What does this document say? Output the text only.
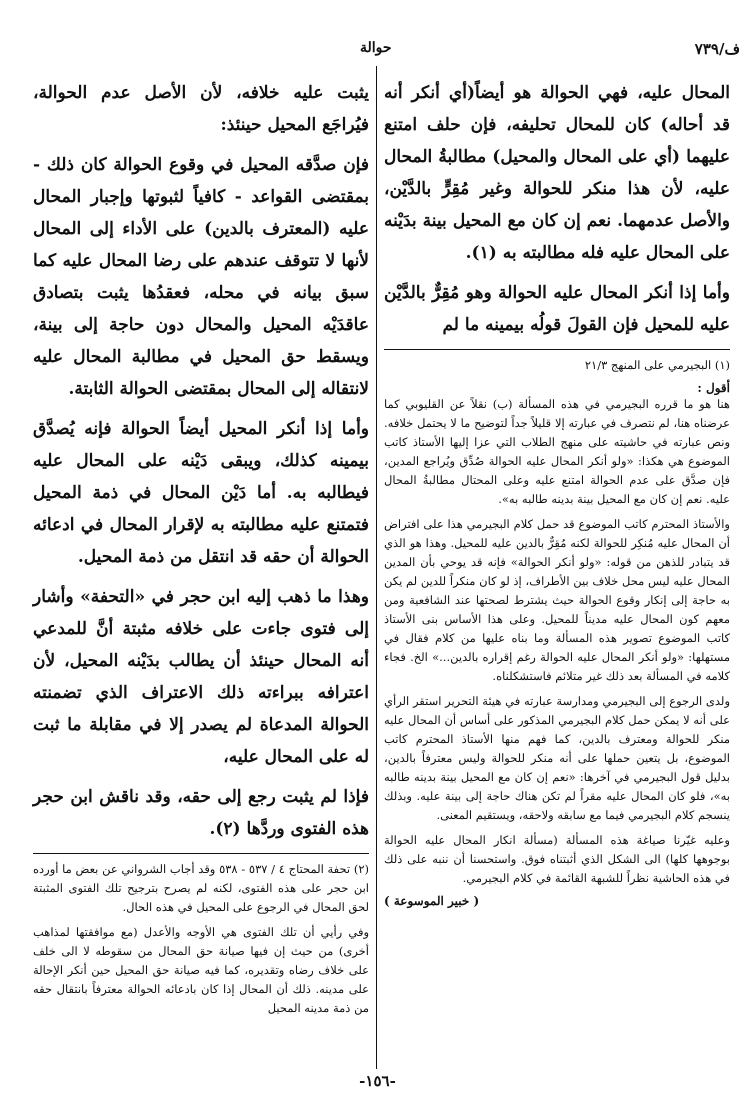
ف/٧٣٩
حوالة

المحال عليه، فهي الحوالة هو أيضاً(أي أنكر أنه قد أحاله) كان للمحال تحليفه، فإن حلف امتنع عليهما (أي على المحال والمحيل) مطالبةُ المحال عليه، لأن هذا منكر للحوالة وغير مُقِرٍّ بالدَّيْن، والأصل عدمهما. نعم إن كان مع المحيل بينة بدَيْنه على المحال عليه فله مطالبته به (١).

وأما إذا أنكر المحال عليه الحوالة وهو مُقِرٌّ بالدَّيْن عليه للمحيل فإن القولَ قولُه بيمينه ما لم

(١) البجيرمي على المنهج ٢١/٣

أقول :

هنا هو ما قرره البجيرمي في هذه المسألة (ب) نقلاً عن القليوبي كما عرضناه هنا، لم نتصرف في عبارته إلا قليلاً جداً لتوضيح ما لا يحتمل خلافه. ونص عبارته في حاشيته على منهج الطلاب التي عزا إليها الأستاذ كاتب الموضوع هي هكذا: «ولو أنكر المحال عليه الحوالة صُدِّق ويُراجع المدين، فإن صدَّق على عدم الحوالة امتنع عليه وعلى المحتال مطالبةُ المحال عليه. نعم إن كان مع المحيل بينة بدينه طالبه به».

والأستاذ المحترم كاتب الموضوع قد حمل كلام البجيرمي هذا على افتراض أن المحال عليه مُنكِر للحوالة لكنه مُقِرٌّ بالدين عليه للمحيل. وهذا هو الذي قد يتبادر للذهن من قوله: «ولو أنكر الحوالة» فإنه قد يوحي بأن المدين المحال عليه ليس محل خلاف بين الأطراف، إذ لو كان منكراً للدين لم يكن به حاجة إلى إنكار وقوع الحوالة حيث يشترط لصحتها عند الشافعية ومن معهم كون المحال عليه مديناً للمحيل. وعلى هذا الأساس بنى الأستاذ كاتب الموضوع تصوير هذه المسألة وما بناه عليها من كلام فقال في مستهلها: «ولو أنكر المحال عليه الحوالة رغم إقراره بالدين...» الخ. فجاء كلامه في المسألة بعد ذلك غير متلائم فاستشكلناه.

ولدى الرجوع إلى البجيرمي ومدارسة عبارته في هيئة التحرير استقر الرأي على أنه لا يمكن حمل كلام البجيرمي المذكور على أساس أن المحال عليه منكر للحوالة ومعترف بالدين، كما فهم منها الأستاذ المحترم كاتب الموضوع، بل يتعين حملها على أنه منكر للحوالة وليس معترفاً بالدين، بدليل قول البجيرمي في آخرها: «نعم إن كان مع المحيل بينة بدينه طالبه به»، فلو كان المحال عليه مقراً لم تكن هناك حاجة إلى بينة عليه. وبذلك ينسجم كلام البجيرمي فيما مع سابقه ولاحقه، ويستقيم المعنى.

وعليه غيّرنا صياغة هذه المسألة (مسألة انكار المحال عليه الحوالة بوجوهها كلها) الى الشكل الذي أثبتناه فوق. واستحسنا أن ننبه على ذلك في هذه الحاشية نظراً للشبهة القائمة في كلام البجيرمي.

( خبير الموسوعة )

يثبت عليه خلافه، لأن الأصل عدم الحوالة، فيُراجَع المحيل حينئذ:

فإن صدَّقه المحيل في وقوع الحوالة كان ذلك - بمقتضى القواعد - كافياً لثبوتها وإجبار المحال عليه (المعترف بالدين) على الأداء إلى المحال لأنها لا تتوقف عندهم على رضا المحال عليه كما سبق بيانه في محله، فعقدُها يثبت بتصادق عاقدَيْه المحيل والمحال دون حاجة إلى بينة، ويسقط حق المحيل في مطالبة المحال عليه لانتقاله إلى المحال بمقتضى الحوالة الثابتة.

وأما إذا أنكر المحيل أيضاً الحوالة فإنه يُصدَّق بيمينه كذلك، ويبقى دَيْنه على المحال عليه فيطالبه به. أما دَيْن المحال في ذمة المحيل فتمتنع عليه مطالبته به لإقرار المحال في ادعائه الحوالة أن حقه قد انتقل من ذمة المحيل.

وهذا ما ذهب إليه ابن حجر في «التحفة» وأشار إلى فتوى جاءت على خلافه مثبتة أنَّ للمدعي أنه المحال حينئذ أن يطالب بدَيْنه المحيل، لأن اعترافه ببراءته ذلك الاعتراف الذي تضمنته الحوالة المدعاة لم يصدر إلا في مقابلة ما ثبت له على المحال عليه،

فإذا لم يثبت رجع إلى حقه، وقد ناقش ابن حجر هذه الفتوى وردَّها (٢).

(٢) تحفة المحتاج ٤ / ٥٣٧ - ٥٣٨ وقد أجاب الشرواني عن بعض ما أورده ابن حجر على هذه الفتوى، لكنه لم يصرح بترجيح تلك الفتوى المثبتة لحق المحال في الرجوع على المحيل في هذه الحال.

وفي رأيي أن تلك الفتوى هي الأوجه والأعدل (مع موافقتها لمذاهب أخرى) من حيث إن فيها صيانة حق المحال من سقوطه لا الى خلف على خلاف رضاه وتقديره، كما فيه صيانة حق المحيل حين أنكر الإحالة على مدينه. ذلك أن المحال إذا كان بادعائه الحوالة معترفاً بانتقال حقه من ذمة مدينه المحيل

-١٥٦-
